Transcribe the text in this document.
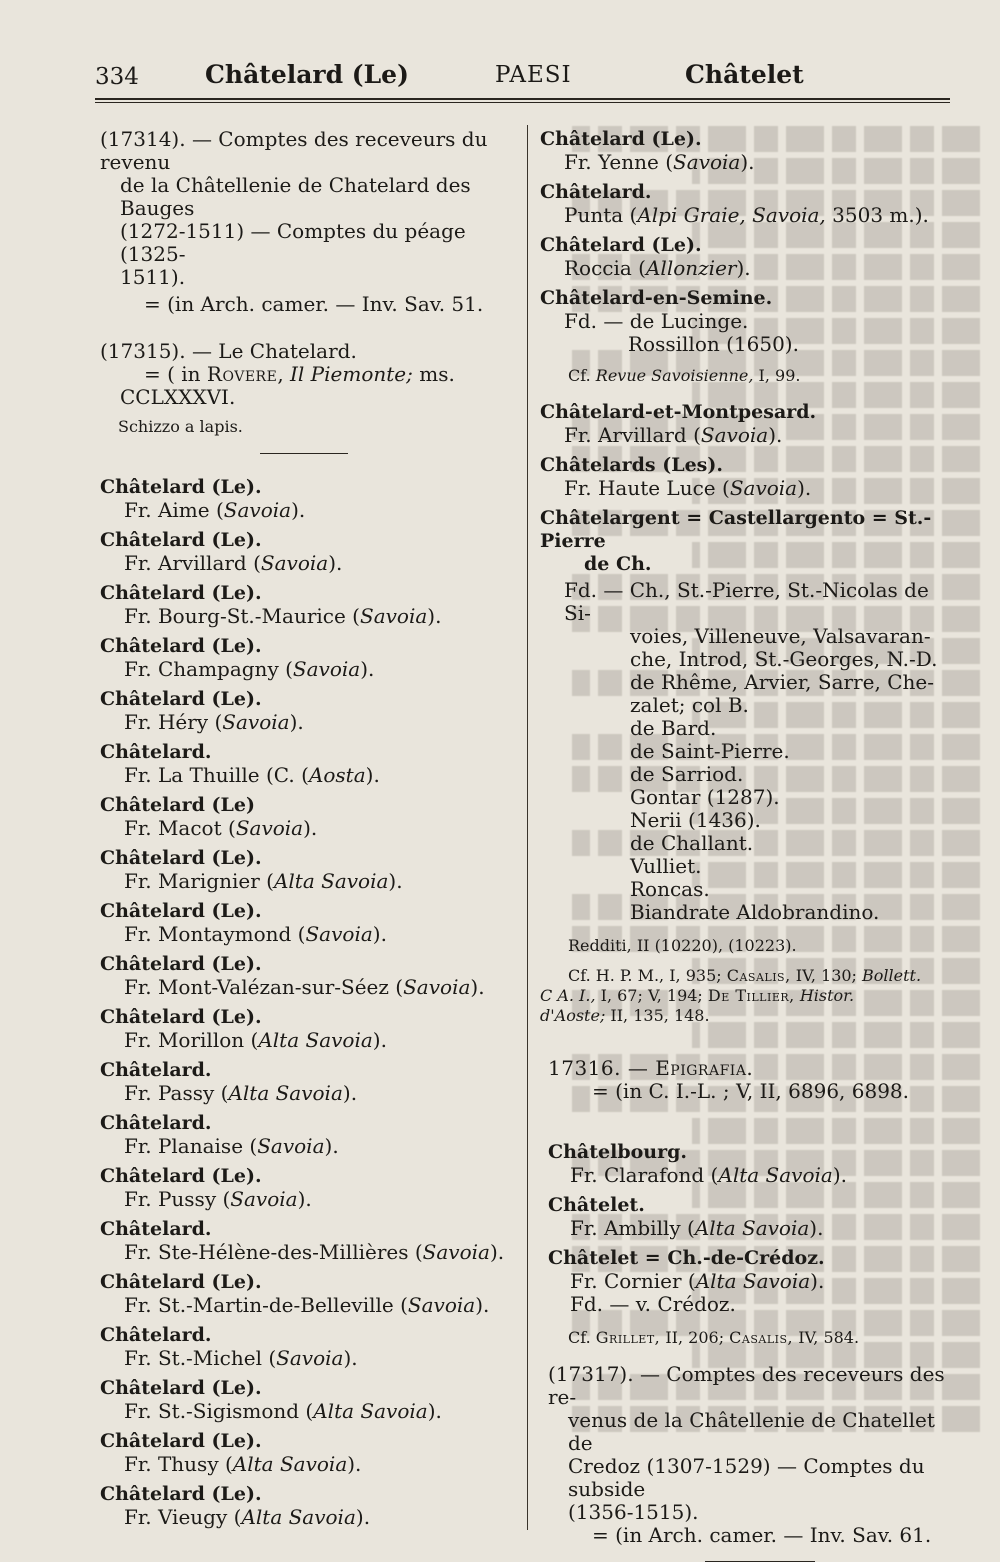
334	Châtelard (Le)	PAESI	Châtelet
(17314). — Comptes des receveurs du revenu
de la Châtellenie de Chatelard des Bauges
(1272-1511) — Comptes du péage (1325-
1511).
= (in Arch. camer. — Inv. Sav. 51.
(17315). — Le Chatelard.
= ( in Rovere, Il Piemonte; ms.
CCLXXXVI.
Schizzo a lapis.
Châtelard (Le).
Fr. Aime (Savoia).
Châtelard (Le).
Fr. Arvillard (Savoia).
Châtelard (Le).
Fr. Bourg-St.-Maurice (Savoia).
Châtelard (Le).
Fr. Champagny (Savoia).
Châtelard (Le).
Fr. Héry (Savoia).
Châtelard.
Fr. La Thuille (C. (Aosta).
Châtelard (Le)
Fr. Macot (Savoia).
Châtelard (Le).
Fr. Marignier (Alta Savoia).
Châtelard (Le).
Fr. Montaymond (Savoia).
Châtelard (Le).
Fr. Mont-Valézan-sur-Séez (Savoia).
Châtelard (Le).
Fr. Morillon (Alta Savoia).
Châtelard.
Fr. Passy (Alta Savoia).
Châtelard.
Fr. Planaise (Savoia).
Châtelard (Le).
Fr. Pussy (Savoia).
Châtelard.
Fr. Ste-Hélène-des-Millières (Savoia).
Châtelard (Le).
Fr. St.-Martin-de-Belleville (Savoia).
Châtelard.
Fr. St.-Michel (Savoia).
Châtelard (Le).
Fr. St.-Sigismond (Alta Savoia).
Châtelard (Le).
Fr. Thusy (Alta Savoia).
Châtelard (Le).
Fr. Vieugy (Alta Savoia).
Châtelard (Le).
Fr. Yenne (Savoia).
Châtelard.
Punta (Alpi Graie, Savoia, 3503 m.).
Châtelard (Le).
Roccia (Allonzier).
Châtelard-en-Semine.
Fd. — de Lucinge.
Rossillon (1650).
Cf. Revue Savoisienne, I, 99.
Châtelard-et-Montpesard.
Fr. Arvillard (Savoia).
Châtelards (Les).
Fr. Haute Luce (Savoia).
Châtelargent = Castellargento = St.-Pierre
de Ch.
Fd. — Ch., St.-Pierre, St.-Nicolas de Si-
voies, Villeneuve, Valsavaran-
che, Introd, St.-Georges, N.-D.
de Rhême, Arvier, Sarre, Che-
zalet; col B.
de Bard.
de Saint-Pierre.
de Sarriod.
Gontar (1287).
Nerii (1436).
de Challant.
Vulliet.
Roncas.
Biandrate Aldobrandino.
Redditi, II (10220), (10223).
Cf. H. P. M., I, 935; Casalis, IV, 130; Bollett.
C A. I., I, 67; V, 194; De Tillier, Histor.
d'Aoste; II, 135, 148.
17316. — Epigrafia.
= (in C. I.-L. ; V, II, 6896, 6898.
Châtelbourg.
Fr. Clarafond (Alta Savoia).
Châtelet.
Fr. Ambilly (Alta Savoia).
Châtelet = Ch.-de-Crédoz.
Fr. Cornier (Alta Savoia).
Fd. — v. Crédoz.
Cf. Grillet, II, 206; Casalis, IV, 584.
(17317). — Comptes des receveurs des re-
venus de la Châtellenie de Chatellet de
Credoz (1307-1529) — Comptes du subside
(1356-1515).
= (in Arch. camer. — Inv. Sav. 61.
